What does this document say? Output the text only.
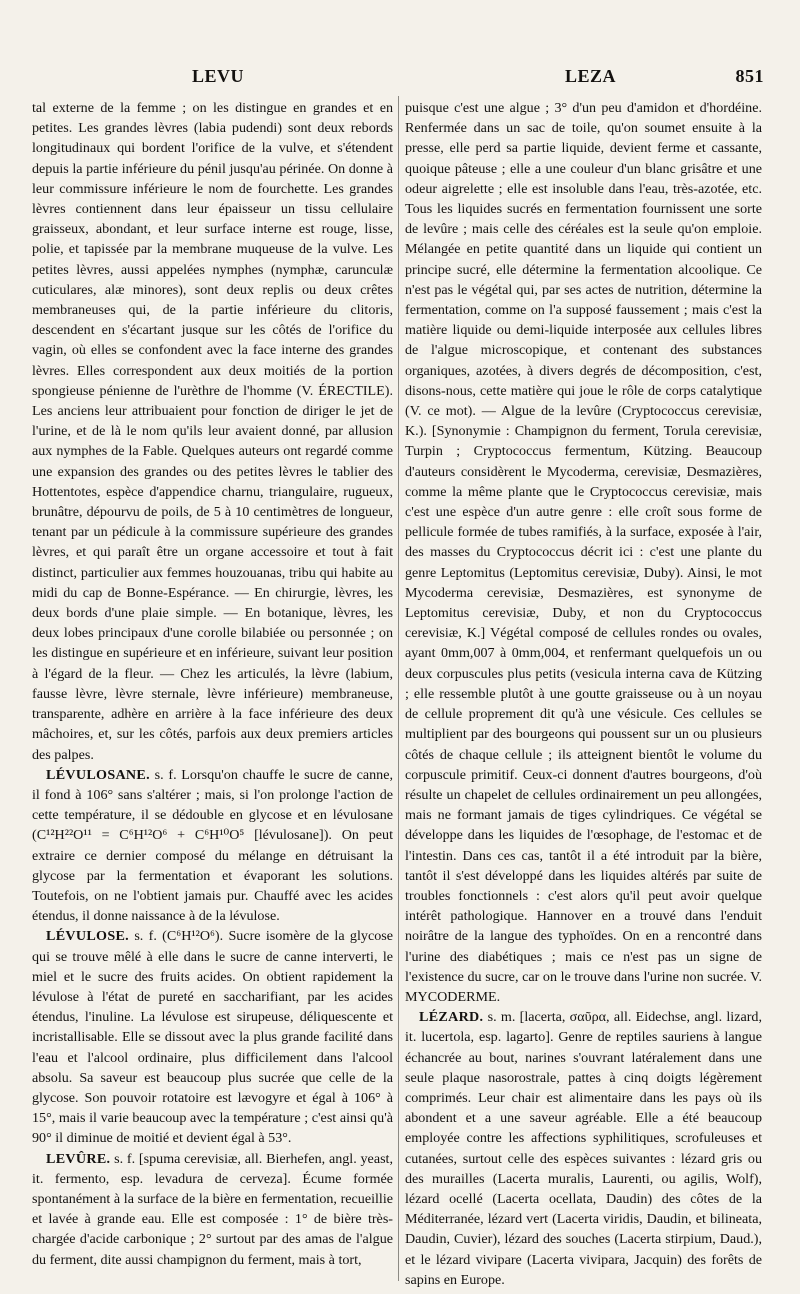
LEVU	LEZA	851

tal externe de la femme ; on les distingue en grandes et en petites. Les grandes lèvres (labia pudendi) sont deux rebords longitudinaux qui bordent l'orifice de la vulve, et s'étendent depuis la partie inférieure du pénil jusqu'au périnée. On donne à leur commissure inférieure le nom de fourchette. Les grandes lèvres contiennent dans leur épaisseur un tissu cellulaire graisseux, abondant, et leur surface interne est rouge, lisse, polie, et tapissée par la membrane muqueuse de la vulve. Les petites lèvres, aussi appelées nymphes (nymphæ, carunculæ cuticulares, alæ minores), sont deux replis ou deux crêtes membraneuses qui, de la partie inférieure du clitoris, descendent en s'écartant jusque sur les côtés de l'orifice du vagin, où elles se confondent avec la face interne des grandes lèvres. Elles correspondent aux deux moitiés de la portion spongieuse pénienne de l'urèthre de l'homme (V. ÉRECTILE). Les anciens leur attribuaient pour fonction de diriger le jet de l'urine, et de là le nom qu'ils leur avaient donné, par allusion aux nymphes de la Fable. Quelques auteurs ont regardé comme une expansion des grandes ou des petites lèvres le tablier des Hottentotes, espèce d'appendice charnu, triangulaire, rugueux, brunâtre, dépourvu de poils, de 5 à 10 centimètres de longueur, tenant par un pédicule à la commissure supérieure des grandes lèvres, et qui paraît être un organe accessoire et tout à fait distinct, particulier aux femmes houzouanas, tribu qui habite au midi du cap de Bonne-Espérance. — En chirurgie, lèvres, les deux bords d'une plaie simple. — En botanique, lèvres, les deux lobes principaux d'une corolle bilabiée ou personnée ; on les distingue en supérieure et en inférieure, suivant leur position à l'égard de la fleur. — Chez les articulés, la lèvre (labium, fausse lèvre, lèvre sternale, lèvre inférieure) membraneuse, transparente, adhère en arrière à la face inférieure des deux mâchoires, et, sur les côtés, parfois aux deux premiers articles des palpes.

LÉVULOSANE. s. f. Lorsqu'on chauffe le sucre de canne, il fond à 106° sans s'altérer ; mais, si l'on prolonge l'action de cette température, il se dédouble en glycose et en lévulosane (C¹²H²²O¹¹ = C⁶H¹²O⁶ + C⁶H¹⁰O⁵ [lévulosane]). On peut extraire ce dernier composé du mélange en détruisant la glycose par la fermentation et évaporant les solutions. Toutefois, on ne l'obtient jamais pur. Chauffé avec les acides étendus, il donne naissance à de la lévulose.

LÉVULOSE. s. f. (C⁶H¹²O⁶). Sucre isomère de la glycose qui se trouve mêlé à elle dans le sucre de canne interverti, le miel et le sucre des fruits acides. On obtient rapidement la lévulose à l'état de pureté en saccharifiant, par les acides étendus, l'inuline. La lévulose est sirupeuse, déliquescente et incristallisable. Elle se dissout avec la plus grande facilité dans l'eau et l'alcool ordinaire, plus difficilement dans l'alcool absolu. Sa saveur est beaucoup plus sucrée que celle de la glycose. Son pouvoir rotatoire est lævogyre et égal à 106° à 15°, mais il varie beaucoup avec la température ; c'est ainsi qu'à 90° il diminue de moitié et devient égal à 53°.

LEVÛRE. s. f. [spuma cerevisiæ, all. Bierhefen, angl. yeast, it. fermento, esp. levadura de cerveza]. Écume formée spontanément à la surface de la bière en fermentation, recueillie et lavée à grande eau. Elle est composée : 1° de bière très-chargée d'acide carbonique ; 2° surtout par des amas de l'algue du ferment, dite aussi champignon du ferment, mais à tort,

puisque c'est une algue ; 3° d'un peu d'amidon et d'hordéine. Renfermée dans un sac de toile, qu'on soumet ensuite à la presse, elle perd sa partie liquide, devient ferme et cassante, quoique pâteuse ; elle a une couleur d'un blanc grisâtre et une odeur aigrelette ; elle est insoluble dans l'eau, très-azotée, etc. Tous les liquides sucrés en fermentation fournissent une sorte de levûre ; mais celle des céréales est la seule qu'on emploie. Mélangée en petite quantité dans un liquide qui contient un principe sucré, elle détermine la fermentation alcoolique. Ce n'est pas le végétal qui, par ses actes de nutrition, détermine la fermentation, comme on l'a supposé faussement ; mais c'est la matière liquide ou demi-liquide interposée aux cellules libres de l'algue microscopique, et contenant des substances organiques, azotées, à divers degrés de décomposition, c'est, disons-nous, cette matière qui joue le rôle de corps catalytique (V. ce mot). — Algue de la levûre (Cryptococcus cerevisiæ, K.). [Synonymie : Champignon du ferment, Torula cerevisiæ, Turpin ; Cryptococcus fermentum, Kützing. Beaucoup d'auteurs considèrent le Mycoderma, cerevisiæ, Desmazières, comme la même plante que le Cryptococcus cerevisiæ, mais c'est une espèce d'un autre genre : elle croît sous forme de pellicule formée de tubes ramifiés, à la surface, exposée à l'air, des masses du Cryptococcus décrit ici : c'est une plante du genre Leptomitus (Leptomitus cerevisiæ, Duby). Ainsi, le mot Mycoderma cerevisiæ, Desmazières, est synonyme de Leptomitus cerevisiæ, Duby, et non du Cryptococcus cerevisiæ, K.] Végétal composé de cellules rondes ou ovales, ayant 0mm,007 à 0mm,004, et renfermant quelquefois un ou deux corpuscules plus petits (vesicula interna cava de Kützing ; elle ressemble plutôt à une goutte graisseuse ou à un noyau de cellule proprement dit qu'à une vésicule. Ces cellules se multiplient par des bourgeons qui poussent sur un ou plusieurs côtés de chaque cellule ; ils atteignent bientôt le volume du corpuscule primitif. Ceux-ci donnent d'autres bourgeons, d'où résulte un chapelet de cellules ordinairement un peu allongées, mais ne formant jamais de tiges cylindriques. Ce végétal se développe dans les liquides de l'œsophage, de l'estomac et de l'intestin. Dans ces cas, tantôt il a été introduit par la bière, tantôt il s'est développé dans les liquides altérés par suite de troubles fonctionnels : c'est alors qu'il peut avoir quelque intérêt pathologique. Hannover en a trouvé dans l'enduit noirâtre de la langue des typhoïdes. On en a rencontré dans l'urine des diabétiques ; mais ce n'est pas un signe de l'existence du sucre, car on le trouve dans l'urine non sucrée. V. MYCODERME.

LÉZARD. s. m. [lacerta, σαῦρα, all. Eidechse, angl. lizard, it. lucertola, esp. lagarto]. Genre de reptiles sauriens à langue échancrée au bout, narines s'ouvrant latéralement dans une seule plaque nasorostrale, pattes à cinq doigts légèrement comprimés. Leur chair est alimentaire dans les pays où ils abondent et a une saveur agréable. Elle a été beaucoup employée contre les affections syphilitiques, scrofuleuses et cutanées, surtout celle des espèces suivantes : lézard gris ou des murailles (Lacerta muralis, Laurenti, ou agilis, Wolf), lézard ocellé (Lacerta ocellata, Daudin) des côtes de la Méditerranée, lézard vert (Lacerta viridis, Daudin, et bilineata, Daudin, Cuvier), lézard des souches (Lacerta stirpium, Daud.), et le lézard vivipare (Lacerta vivipara, Jacquin) des forêts de sapins en Europe.
